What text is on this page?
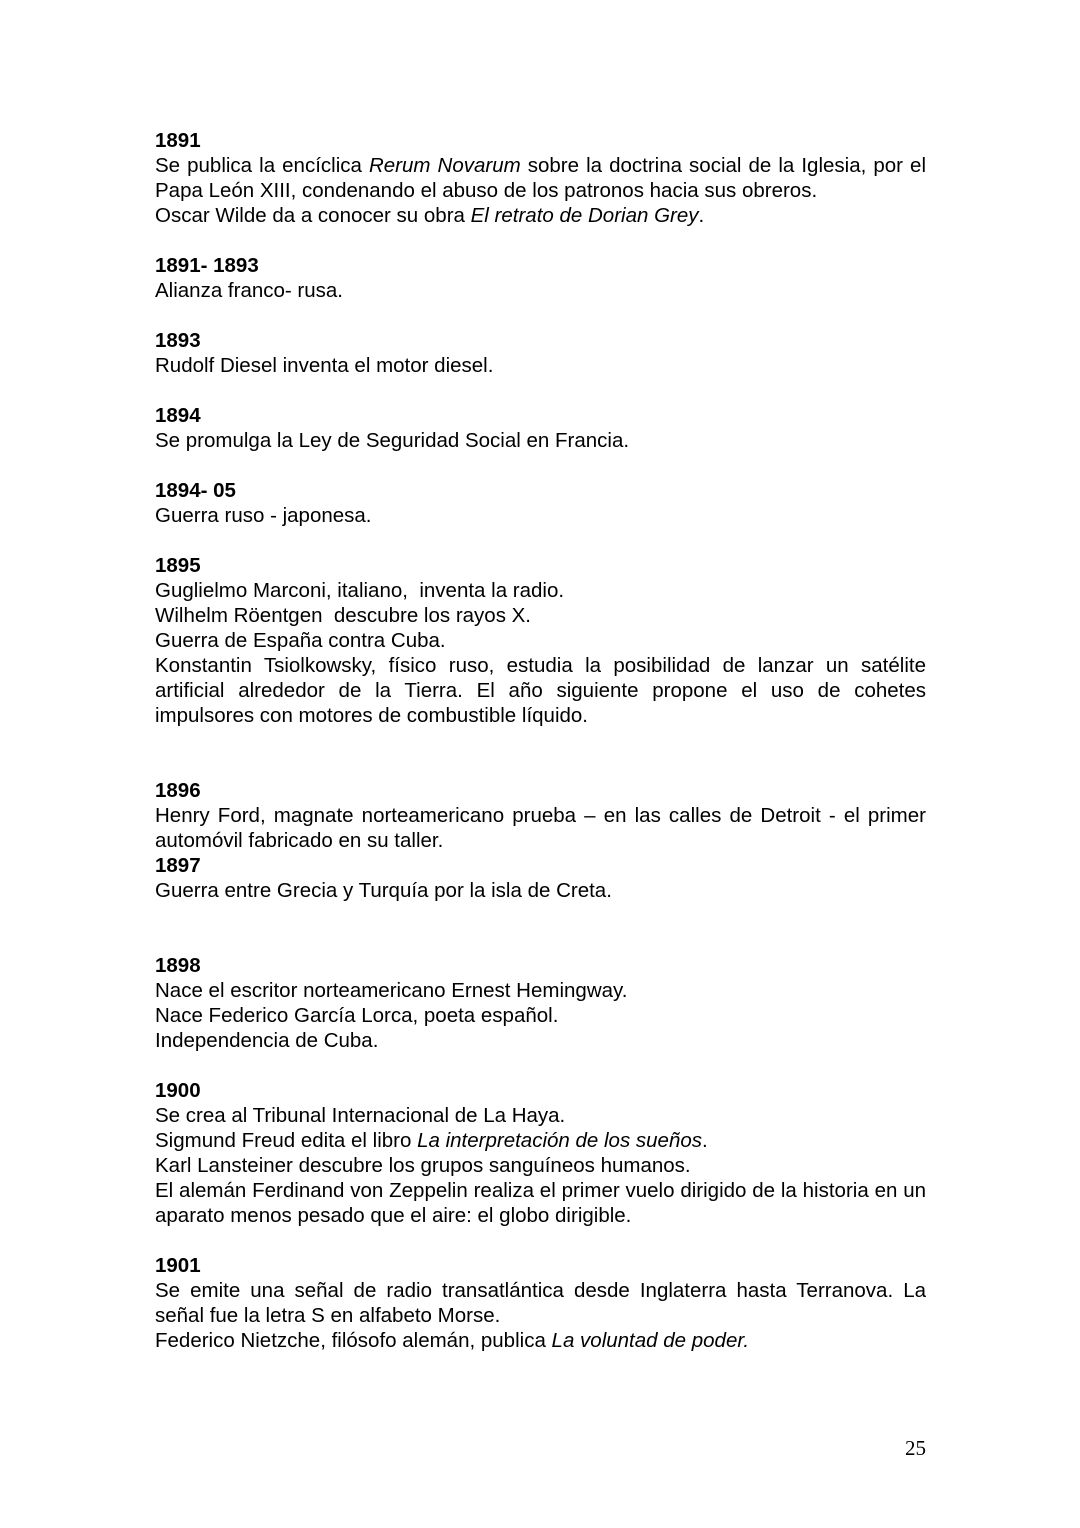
1891
Se publica la encíclica Rerum Novarum sobre la doctrina social de la Iglesia, por el Papa León XIII, condenando el abuso de los patronos hacia sus obreros.
Oscar Wilde da a conocer su obra El retrato de Dorian Grey.
1891- 1893
Alianza franco- rusa.
1893
Rudolf Diesel inventa el motor diesel.
1894
Se promulga la Ley de Seguridad Social en Francia.
1894- 05
Guerra ruso - japonesa.
1895
Guglielmo Marconi, italiano,  inventa la radio.
Wilhelm Röentgen  descubre los rayos X.
Guerra de España contra Cuba.
Konstantin Tsiolkowsky, físico ruso, estudia la posibilidad de lanzar un satélite artificial alrededor de la Tierra. El año siguiente propone el uso de cohetes impulsores con motores de combustible líquido.
1896
Henry Ford, magnate norteamericano prueba – en las calles de Detroit - el primer automóvil fabricado en su taller.
1897
Guerra entre Grecia y Turquía por la isla de Creta.
1898
Nace el escritor norteamericano Ernest Hemingway.
Nace Federico García Lorca, poeta español.
Independencia de Cuba.
1900
Se crea al Tribunal Internacional de La Haya.
Sigmund Freud edita el libro La interpretación de los sueños.
Karl Lansteiner descubre los grupos sanguíneos humanos.
El alemán Ferdinand von Zeppelin realiza el primer vuelo dirigido de la historia en un aparato menos pesado que el aire: el globo dirigible.
1901
Se emite una señal de radio transatlántica desde Inglaterra hasta Terranova. La señal fue la letra S en alfabeto Morse.
Federico Nietzche, filósofo alemán, publica La voluntad de poder.
25
